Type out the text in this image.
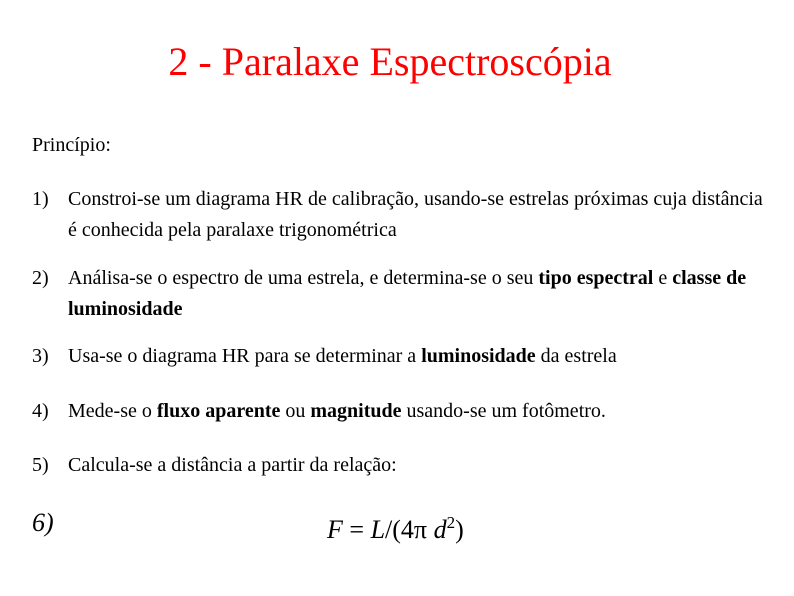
2 - Paralaxe Espectroscópia
Princípio:
1) Constroi-se um diagrama HR de calibração, usando-se estrelas próximas cuja distância é conhecida pela paralaxe trigonométrica
2) Análisa-se o espectro de uma estrela, e determina-se o seu tipo espectral e classe de luminosidade
3) Usa-se o diagrama HR para se determinar a luminosidade da estrela
4) Mede-se o fluxo aparente ou magnitude usando-se um fotômetro.
5) Calcula-se a distância a partir da relação:
6)	F = L/(4π $d^2$)
